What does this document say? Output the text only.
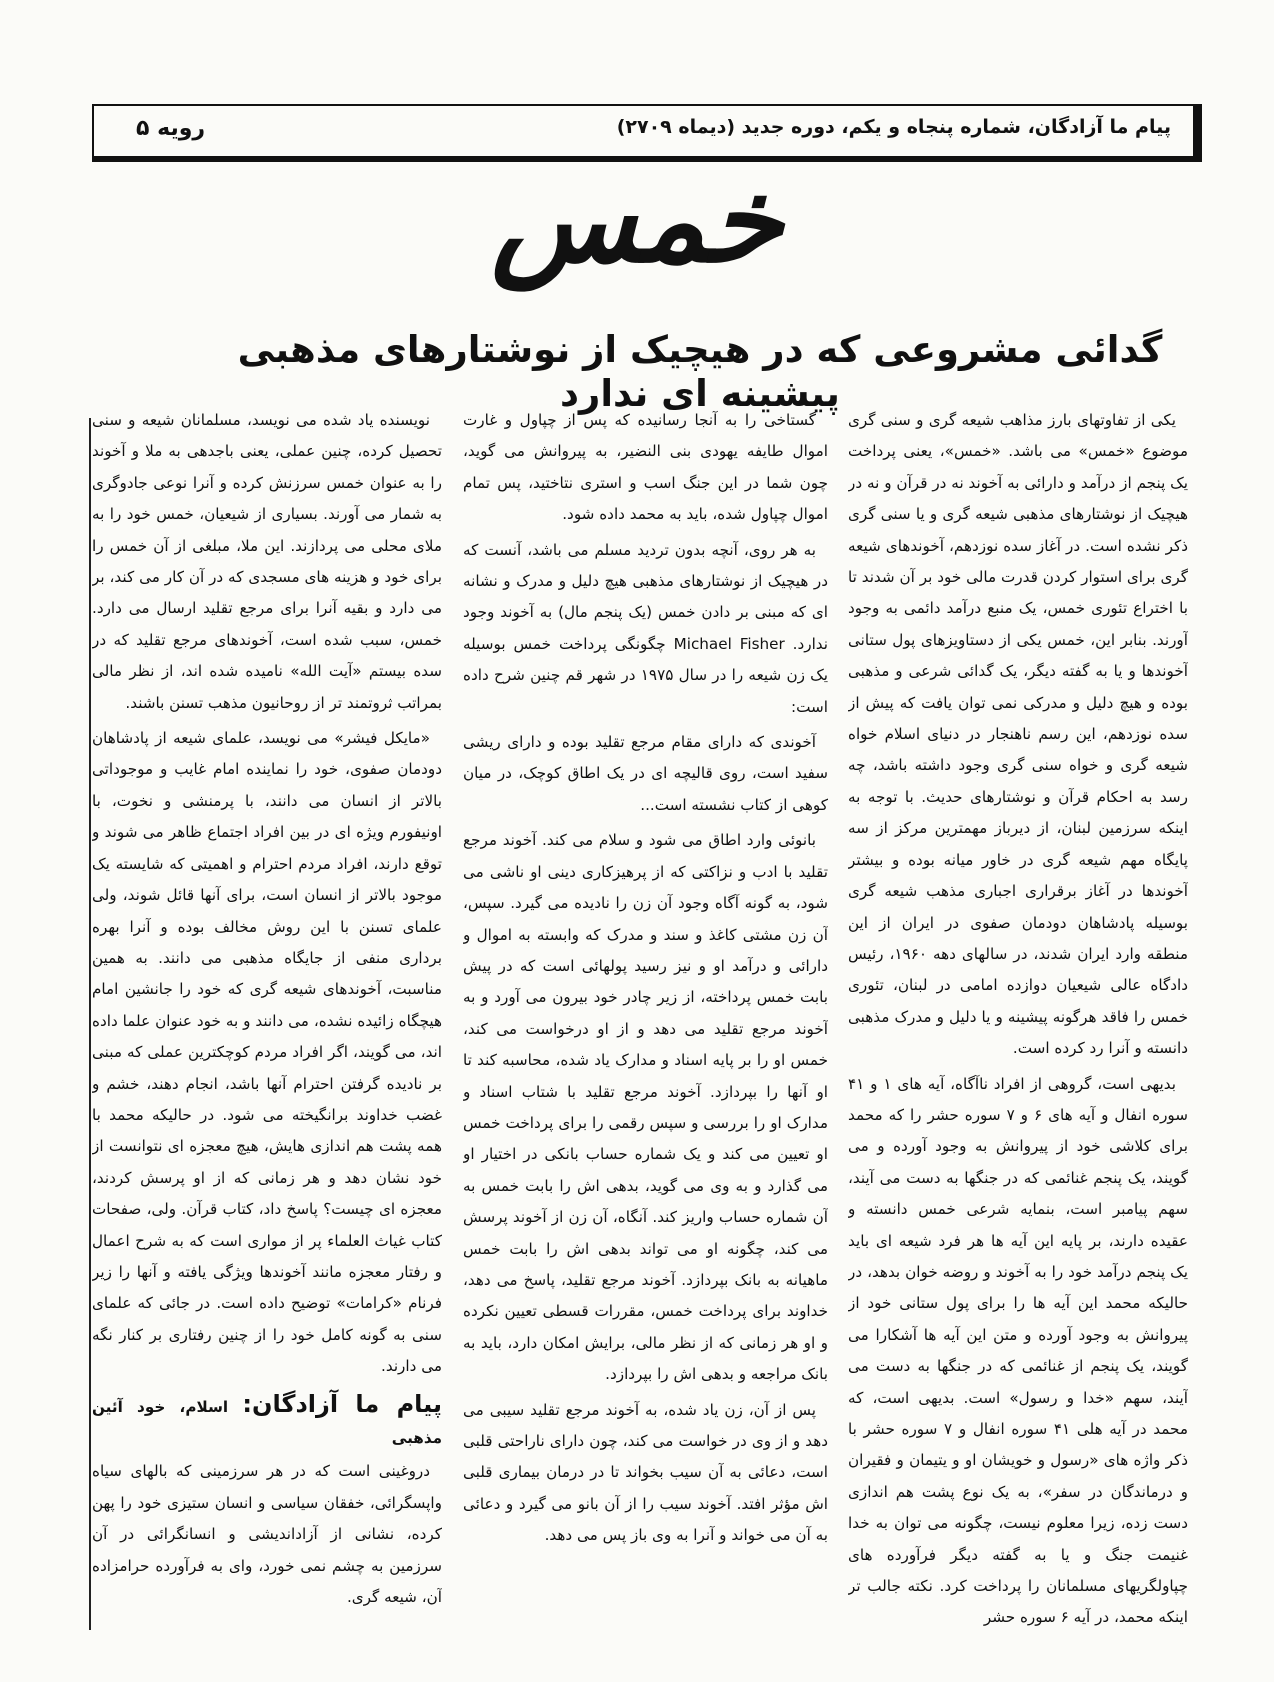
رویه ۵	پیام ما آزادگان، شماره پنجاه و یکم، دوره جدید (دیماه ۲۷۰۹)
خمس
گدائی مشروعی که در هیچیک از نوشتارهای مذهبی پیشینه ای ندارد

یکی از تفاوتهای بارز مذاهب شیعه گری و سنی گری موضوع «خمس» می باشد. «خمس»، یعنی پرداخت یک پنجم از درآمد و دارائی به آخوند نه در قرآن و نه در هیچیک از نوشتارهای مذهبی شیعه گری و یا سنی گری ذکر نشده است. در آغاز سده نوزدهم، آخوندهای شیعه گری برای استوار کردن قدرت مالی خود بر آن شدند تا با اختراع تئوری خمس، یک منبع درآمد دائمی به وجود آورند. بنابر این، خمس یکی از دستاویزهای پول ستانی آخوندها و یا به گفته دیگر، یک گدائی شرعی و مذهبی بوده و هیچ دلیل و مدرکی نمی توان یافت که پیش از سده نوزدهم، این رسم ناهنجار در دنیای اسلام خواه شیعه گری و خواه سنی گری وجود داشته باشد، چه رسد به احکام قرآن و نوشتارهای حدیث. با توجه به اینکه سرزمین لبنان، از دیرباز مهمترین مرکز از سه پایگاه مهم شیعه گری در خاور میانه بوده و بیشتر آخوندها در آغاز برقراری اجباری مذهب شیعه گری بوسیله پادشاهان دودمان صفوی در ایران از این منطقه وارد ایران شدند، در سالهای دهه ۱۹۶۰، رئیس دادگاه عالی شیعیان دوازده امامی در لبنان، تئوری خمس را فاقد هرگونه پیشینه و یا دلیل و مدرک مذهبی دانسته و آنرا رد کرده است.

بدیهی است، گروهی از افراد ناآگاه، آیه های ۱ و ۴۱ سوره انفال و آیه های ۶ و ۷ سوره حشر را که محمد برای کلاشی خود از پیروانش به وجود آورده و می گویند، یک پنجم غنائمی که در جنگها به دست می آیند، سهم پیامبر است، بنمایه شرعی خمس دانسته و عقیده دارند، بر پایه این آیه ها هر فرد شیعه ای باید یک پنجم درآمد خود را به آخوند و روضه خوان بدهد، در حالیکه محمد این آیه ها را برای پول ستانی خود از پیروانش به وجود آورده و متن این آیه ها آشکارا می گویند، یک پنجم از غنائمی که در جنگها به دست می آیند، سهم «خدا و رسول» است. بدیهی است، که محمد در آیه هلی ۴۱ سوره انفال و ۷ سوره حشر با ذکر واژه های «رسول و خویشان او و یتیمان و فقیران و درماندگان در سفر»، به یک نوع پشت هم اندازی دست زده، زیرا معلوم نیست، چگونه می توان به خدا غنیمت جنگ و یا به گفته دیگر فرآورده های چپاولگریهای مسلمانان را پرداخت کرد. نکته جالب تر اینکه محمد، در آیه ۶ سوره حشر

گستاخی را به آنجا رسانیده که پس از چپاول و غارت اموال طایفه یهودی بنی النضیر، به پیروانش می گوید، چون شما در این جنگ اسب و استری نتاختید، پس تمام اموال چپاول شده، باید به محمد داده شود.

به هر روی، آنچه بدون تردید مسلم می باشد، آنست که در هیچیک از نوشتارهای مذهبی هیچ دلیل و مدرک و نشانه ای که مبنی بر دادن خمس (یک پنجم مال) به آخوند وجود ندارد. Michael Fisher چگونگی پرداخت خمس بوسیله یک زن شیعه را در سال ۱۹۷۵ در شهر قم چنین شرح داده است:

آخوندی که دارای مقام مرجع تقلید بوده و دارای ریشی سفید است، روی قالیچه ای در یک اطاق کوچک، در میان کوهی از کتاب نشسته است...

بانوئی وارد اطاق می شود و سلام می کند. آخوند مرجع تقلید با ادب و نزاکتی که از پرهیزکاری دینی او ناشی می شود، به گونه آگاه وجود آن زن را نادیده می گیرد. سپس، آن زن مشتی کاغذ و سند و مدرک که وابسته به اموال و دارائی و درآمد او و نیز رسید پولهائی است که در پیش بابت خمس پرداخته، از زیر چادر خود بیرون می آورد و به آخوند مرجع تقلید می دهد و از او درخواست می کند، خمس او را بر پایه اسناد و مدارک یاد شده، محاسبه کند تا او آنها را بپردازد. آخوند مرجع تقلید با شتاب اسناد و مدارک او را بررسی و سپس رقمی را برای پرداخت خمس او تعیین می کند و یک شماره حساب بانکی در اختیار او می گذارد و به وی می گوید، بدهی اش را بابت خمس به آن شماره حساب واریز کند. آنگاه، آن زن از آخوند پرسش می کند، چگونه او می تواند بدهی اش را بابت خمس ماهیانه به بانک بپردازد. آخوند مرجع تقلید، پاسخ می دهد، خداوند برای پرداخت خمس، مقررات قسطی تعیین نکرده و او هر زمانی که از نظر مالی، برایش امکان دارد، باید به بانک مراجعه و بدهی اش را بپردازد.

پس از آن، زن یاد شده، به آخوند مرجع تقلید سیبی می دهد و از وی در خواست می کند، چون دارای ناراحتی قلبی است، دعائی به آن سیب بخواند تا در درمان بیماری قلبی اش مؤثر افتد. آخوند سیب را از آن بانو می گیرد و دعائی به آن می خواند و آنرا به وی باز پس می دهد.

نویسنده یاد شده می نویسد، مسلمانان شیعه و سنی تحصیل کرده، چنین عملی، یعنی باجدهی به ملا و آخوند را به عنوان خمس سرزنش کرده و آنرا نوعی جادوگری به شمار می آورند. بسیاری از شیعیان، خمس خود را به ملای محلی می پردازند. این ملا، مبلغی از آن خمس را برای خود و هزینه های مسجدی که در آن کار می کند، بر می دارد و بقیه آنرا برای مرجع تقلید ارسال می دارد. خمس، سبب شده است، آخوندهای مرجع تقلید که در سده بیستم «آیت الله» نامیده شده اند، از نظر مالی بمراتب ثروتمند تر از روحانیون مذهب تسنن باشند.

«مایکل فیشر» می نویسد، علمای شیعه از پادشاهان دودمان صفوی، خود را نماینده امام غایب و موجوداتی بالاتر از انسان می دانند، با پرمنشی و نخوت، با اونیفورم ویژه ای در بین افراد اجتماع ظاهر می شوند و توقع دارند، افراد مردم احترام و اهمیتی که شایسته یک موجود بالاتر از انسان است، برای آنها قائل شوند، ولی علمای تسنن با این روش مخالف بوده و آنرا بهره برداری منفی از جایگاه مذهبی می دانند. به همین مناسبت، آخوندهای شیعه گری که خود را جانشین امام هیچگاه زائیده نشده، می دانند و به خود عنوان علما داده اند، می گویند، اگر افراد مردم کوچکترین عملی که مبنی بر نادیده گرفتن احترام آنها باشد، انجام دهند، خشم و غضب خداوند برانگیخته می شود. در حالیکه محمد با همه پشت هم اندازی هایش، هیچ معجزه ای نتوانست از خود نشان دهد و هر زمانی که از او پرسش کردند، معجزه ای چیست؟ پاسخ داد، کتاب قرآن. ولی، صفحات کتاب غیاث العلماء پر از مواری است که به شرح اعمال و رفتار معجزه مانند آخوندها ویژگی یافته و آنها را زیر فرنام «کرامات» توضیح داده است. در جائی که علمای سنی به گونه کامل خود را از چنین رفتاری بر کنار نگه می دارند.

پیام ما آزادگان: اسلام، خود آئین مذهبی

دروغینی است که در هر سرزمینی که بالهای سیاه واپسگرائی، خفقان سیاسی و انسان ستیزی خود را پهن کرده، نشانی از آزاداندیشی و انسانگرائی در آن سرزمین به چشم نمی خورد، وای به فرآورده حرامزاده آن، شیعه گری.
